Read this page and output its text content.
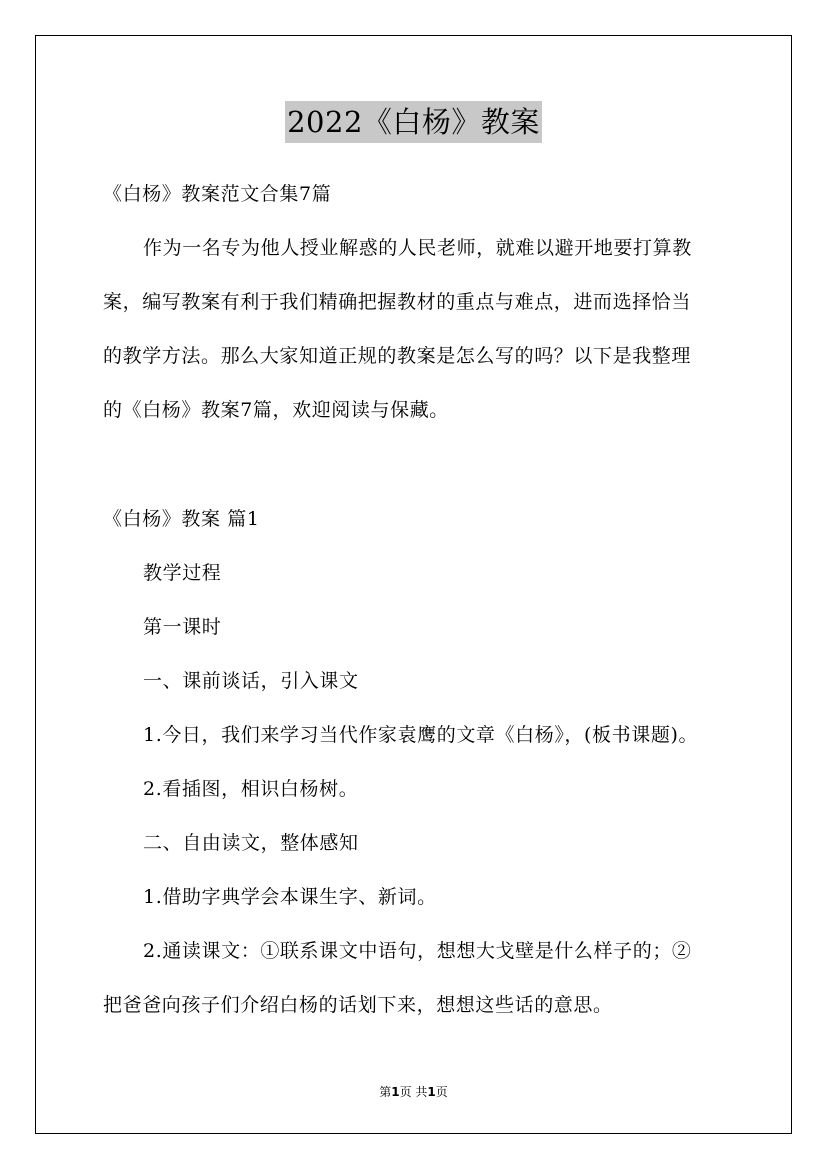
2022《白杨》教案
《白杨》教案范文合集7篇
作为一名专为他人授业解惑的人民老师，就难以避开地要打算教
案，编写教案有利于我们精确把握教材的重点与难点，进而选择恰当
的教学方法。那么大家知道正规的教案是怎么写的吗？以下是我整理
的《白杨》教案7篇，欢迎阅读与保藏。
《白杨》教案 篇1
教学过程
第一课时
一、课前谈话，引入课文
1.今日，我们来学习当代作家袁鹰的文章《白杨》，(板书课题)。
2.看插图，相识白杨树。
二、自由读文，整体感知
1.借助字典学会本课生字、新词。
2.通读课文：①联系课文中语句，想想大戈壁是什么样子的；②
把爸爸向孩子们介绍白杨的话划下来，想想这些话的意思。
第1页 共1页
